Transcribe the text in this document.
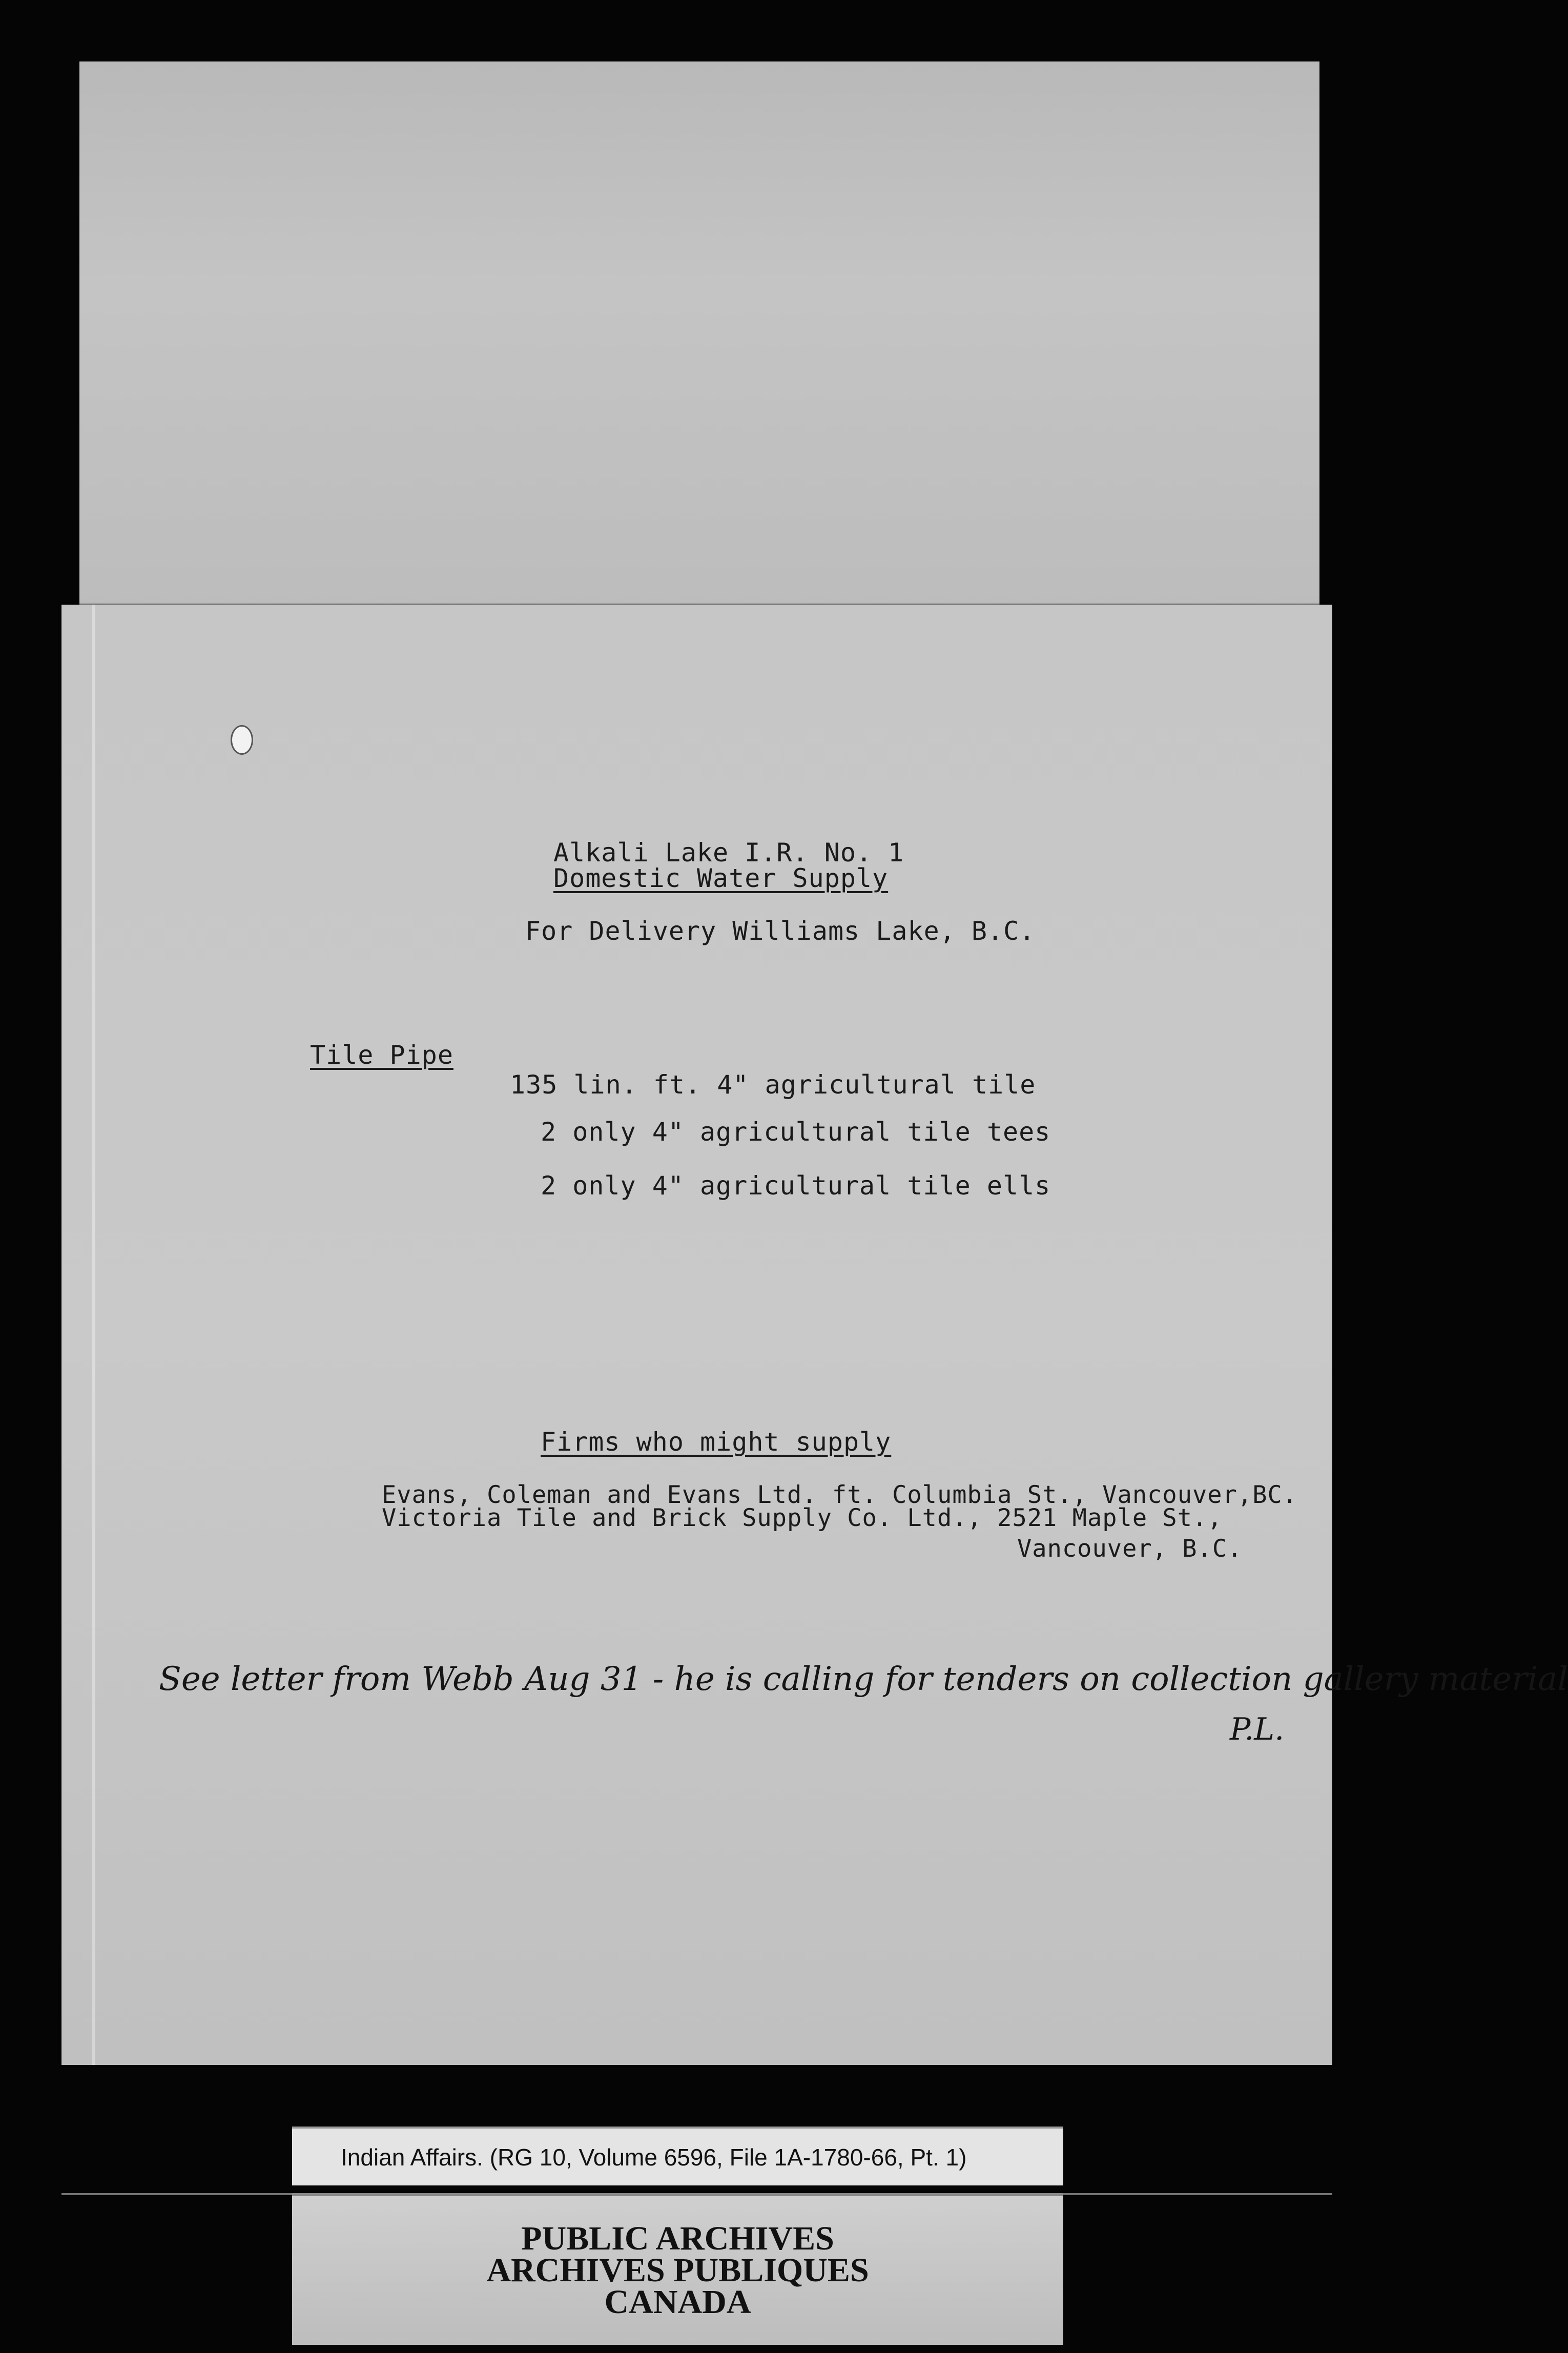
Alkali Lake I.R. No. 1
Domestic Water Supply
For Delivery Williams Lake, B.C.
Tile Pipe
135 lin. ft. 4" agricultural tile
2 only 4" agricultural tile tees
2 only 4" agricultural tile ells
Firms who might supply
Evans, Coleman and Evans Ltd. ft. Columbia St., Vancouver,BC.
Victoria Tile and Brick Supply Co. Ltd., 2521 Maple St.,
Vancouver, B.C.
See letter from Webb Aug 31 - he is calling for tenders on collection gallery material
P.L.
Indian Affairs. (RG 10, Volume 6596, File 1A-1780-66, Pt. 1)
PUBLIC ARCHIVES
ARCHIVES PUBLIQUES
CANADA
